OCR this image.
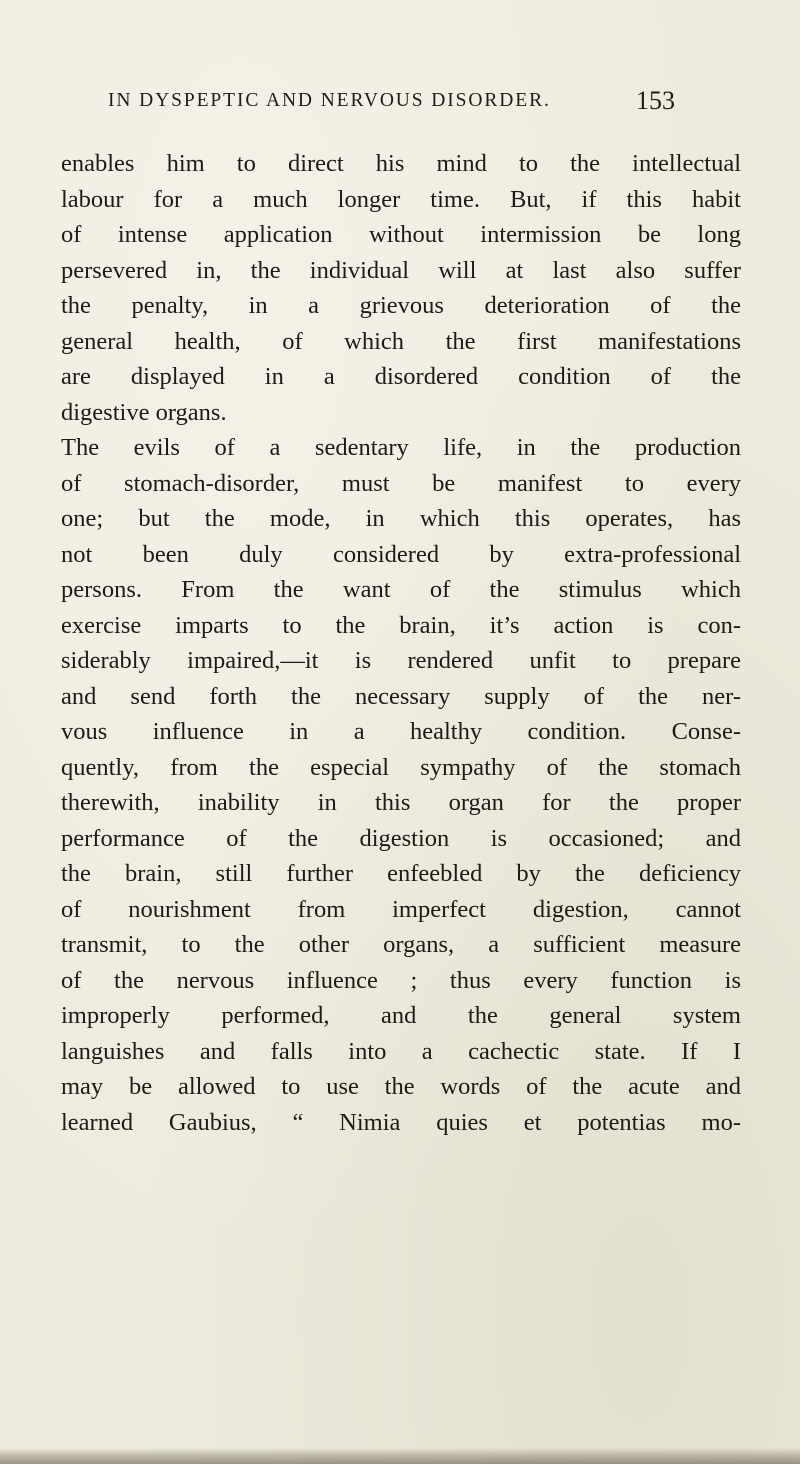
IN DYSPEPTIC AND NERVOUS DISORDER.	153
enables him to direct his mind to the intellectual
labour for a much longer time. But, if this habit
of intense application without intermission be long
persevered in, the individual will at last also suffer
the penalty, in a grievous deterioration of the
general health, of which the first manifestations
are displayed in a disordered condition of the
digestive organs.
The evils of a sedentary life, in the production
of stomach-disorder, must be manifest to every
one; but the mode, in which this operates, has
not been duly considered by extra-professional
persons. From the want of the stimulus which
exercise imparts to the brain, it’s action is con-
siderably impaired,—it is rendered unfit to prepare
and send forth the necessary supply of the ner-
vous influence in a healthy condition. Conse-
quently, from the especial sympathy of the stomach
therewith, inability in this organ for the proper
performance of the digestion is occasioned; and
the brain, still further enfeebled by the deficiency
of nourishment from imperfect digestion, cannot
transmit, to the other organs, a sufficient measure
of the nervous influence ; thus every function is
improperly performed, and the general system
languishes and falls into a cachectic state. If I
may be allowed to use the words of the acute and
learned Gaubius, “ Nimia quies et potentias mo-
